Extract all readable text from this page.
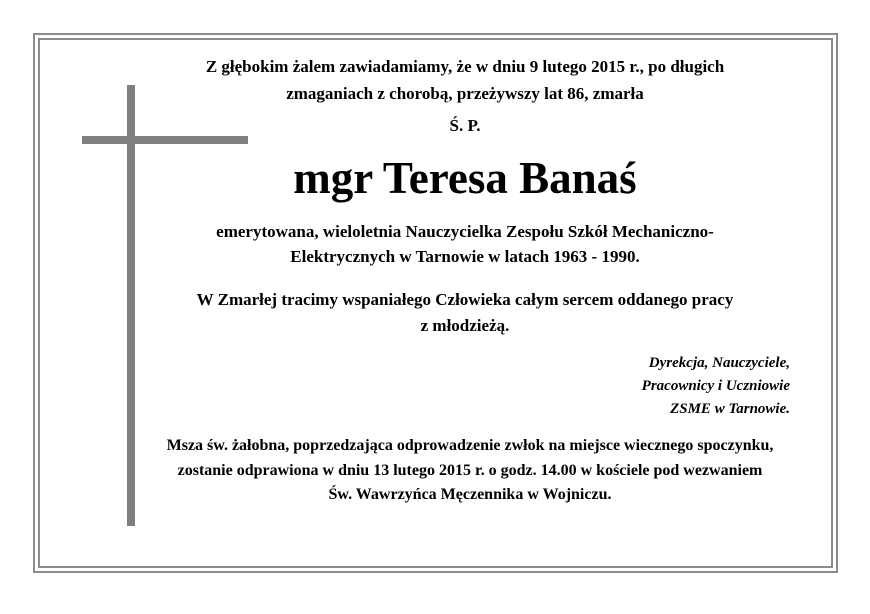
Z głębokim żalem zawiadamiamy, że w dniu 9 lutego 2015 r., po długich
zmaganiach z chorobą, przeżywszy lat 86, zmarła
Ś. P.
mgr Teresa Banaś
emerytowana, wieloletnia Nauczycielka Zespołu Szkół Mechaniczno-
Elektrycznych w Tarnowie w latach 1963 - 1990.
W Zmarłej tracimy wspaniałego Człowieka całym sercem oddanego pracy
z młodzieżą.
Dyrekcja, Nauczyciele,
Pracownicy i Uczniowie
ZSME w Tarnowie.
Msza św. żałobna, poprzedzająca odprowadzenie zwłok na miejsce wiecznego spoczynku,
zostanie odprawiona w dniu 13 lutego 2015 r. o godz. 14.00 w kościele pod wezwaniem
Św. Wawrzyńca Męczennika w Wojniczu.
